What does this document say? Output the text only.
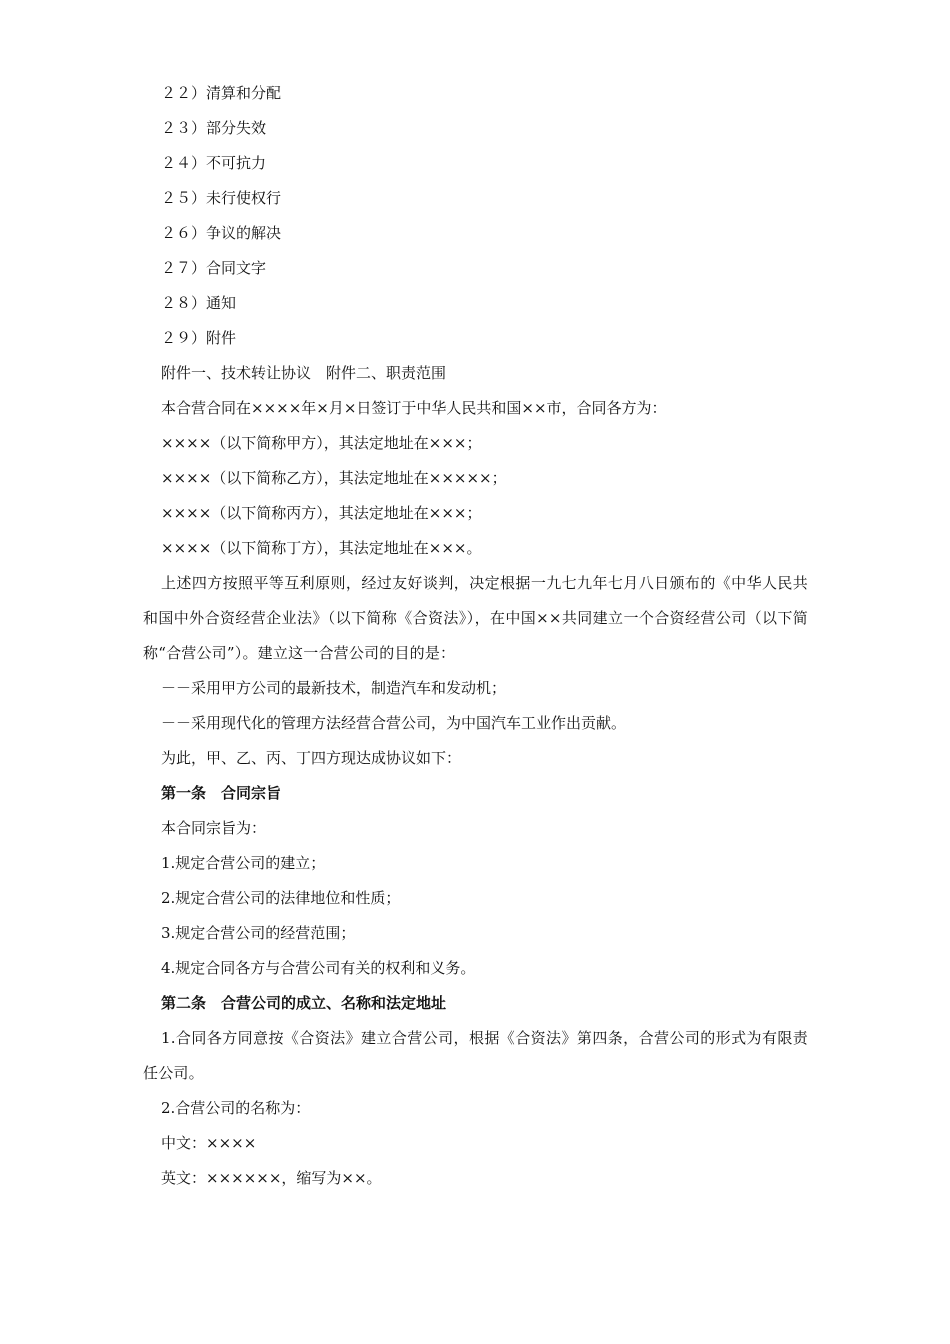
２２）清算和分配
２３）部分失效
２４）不可抗力
２５）未行使权行
２６）争议的解决
２７）合同文字
２８）通知
２９）附件
附件一、技术转让协议　附件二、职责范围
本合营合同在××××年×月×日签订于中华人民共和国××市，合同各方为：
××××（以下简称甲方），其法定地址在×××；
××××（以下简称乙方），其法定地址在×××××；
××××（以下简称丙方），其法定地址在×××；
××××（以下简称丁方），其法定地址在×××。

上述四方按照平等互利原则，经过友好谈判，决定根据一九七九年七月八日颁布的《中华人民共和国中外合资经营企业法》（以下简称《合资法》），在中国××共同建立一个合资经营公司（以下简称“合营公司”）。建立这一合营公司的目的是：

－－采用甲方公司的最新技术，制造汽车和发动机；
－－采用现代化的管理方法经营合营公司，为中国汽车工业作出贡献。
为此，甲、乙、丙、丁四方现达成协议如下：
第一条　合同宗旨
本合同宗旨为：
1.规定合营公司的建立；
2.规定合营公司的法律地位和性质；
3.规定合营公司的经营范围；
4.规定合同各方与合营公司有关的权利和义务。
第二条　合营公司的成立、名称和法定地址

1.合同各方同意按《合资法》建立合营公司，根据《合资法》第四条，合营公司的形式为有限责任公司。

2.合营公司的名称为：
中文：××××
英文：××××××，缩写为××。
